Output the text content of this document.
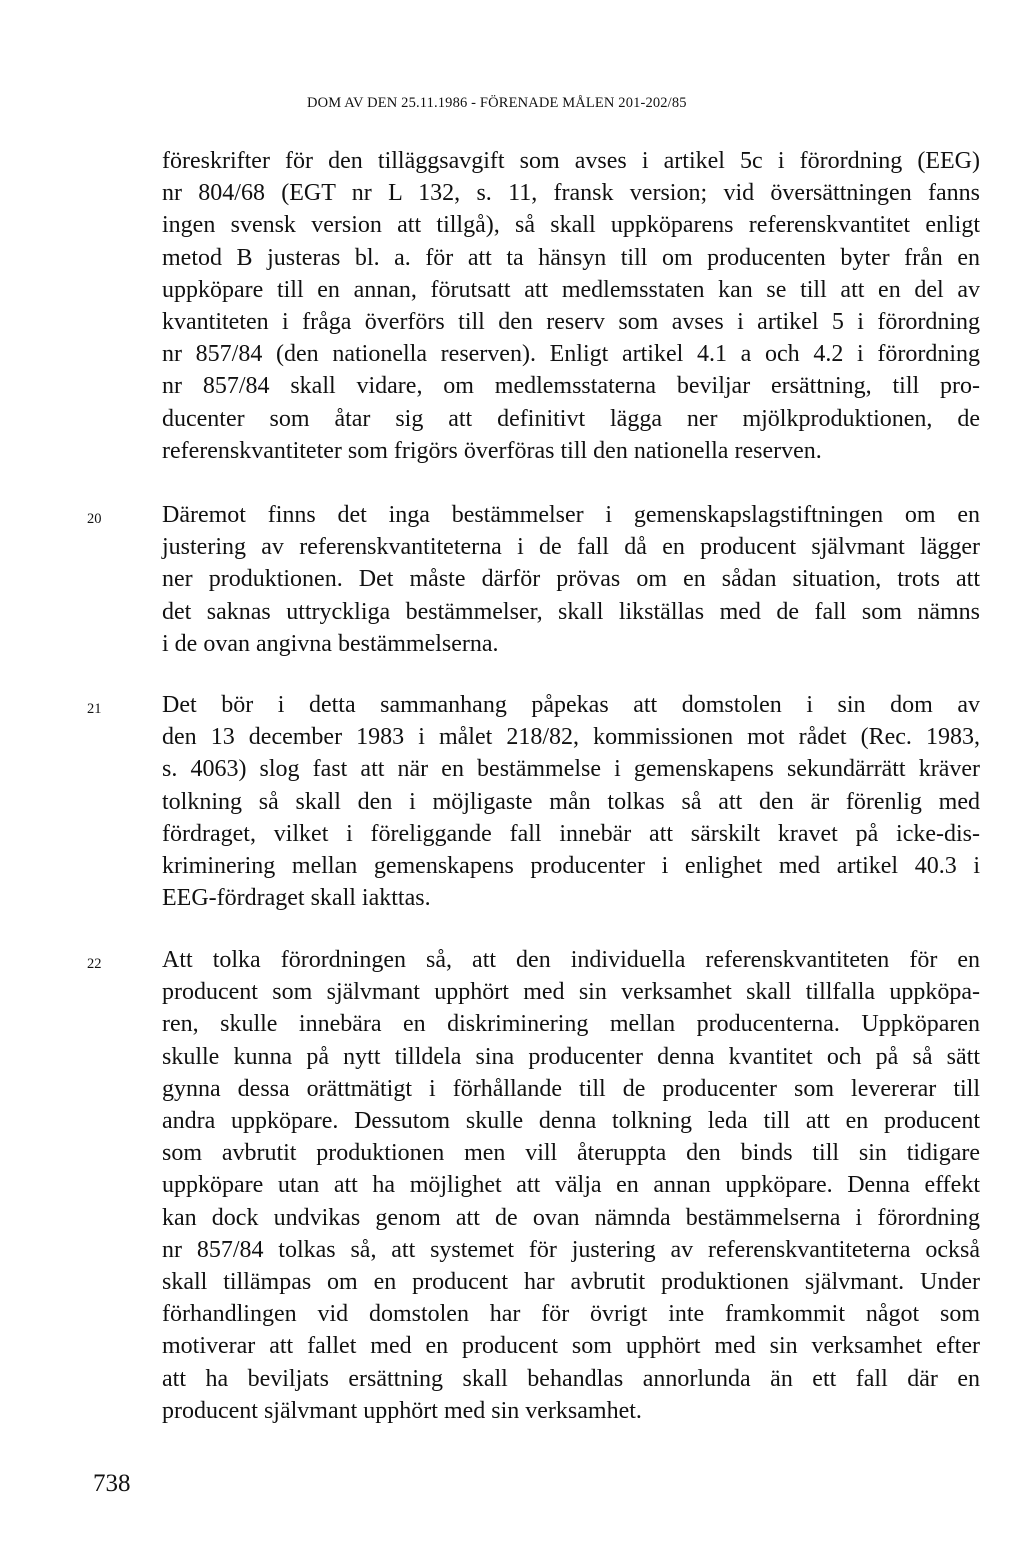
DOM AV DEN 25.11.1986 - FÖRENADE MÅLEN 201-202/85
föreskrifter för den tilläggsavgift som avses i artikel 5c i förordning (EEG)
nr 804/68 (EGT nr L 132, s. 11, fransk version; vid översättningen fanns
ingen svensk version att tillgå), så skall uppköparens referenskvantitet enligt
metod B justeras bl. a. för att ta hänsyn till om producenten byter från en
uppköpare till en annan, förutsatt att medlemsstaten kan se till att en del av
kvantiteten i fråga överförs till den reserv som avses i artikel 5 i förordning
nr 857/84 (den nationella reserven). Enligt artikel 4.1 a och 4.2 i förordning
nr 857/84 skall vidare, om medlemsstaterna beviljar ersättning, till pro-
ducenter som åtar sig att definitivt lägga ner mjölkproduktionen, de
referenskvantiteter som frigörs överföras till den nationella reserven.
20	Däremot finns det inga bestämmelser i gemenskapslagstiftningen om en
justering av referenskvantiteterna i de fall då en producent självmant lägger
ner produktionen. Det måste därför prövas om en sådan situation, trots att
det saknas uttryckliga bestämmelser, skall likställas med de fall som nämns
i de ovan angivna bestämmelserna.
21	Det bör i detta sammanhang påpekas att domstolen i sin dom av
den 13 december 1983 i målet 218/82, kommissionen mot rådet (Rec. 1983,
s. 4063) slog fast att när en bestämmelse i gemenskapens sekundärrätt kräver
tolkning så skall den i möjligaste mån tolkas så att den är förenlig med
fördraget, vilket i föreliggande fall innebär att särskilt kravet på icke-dis-
kriminering mellan gemenskapens producenter i enlighet med artikel 40.3 i
EEG-fördraget skall iakttas.
22	Att tolka förordningen så, att den individuella referenskvantiteten för en
producent som självmant upphört med sin verksamhet skall tillfalla uppköpa-
ren, skulle innebära en diskriminering mellan producenterna. Uppköparen
skulle kunna på nytt tilldela sina producenter denna kvantitet och på så sätt
gynna dessa orättmätigt i förhållande till de producenter som levererar till
andra uppköpare. Dessutom skulle denna tolkning leda till att en producent
som avbrutit produktionen men vill återuppta den binds till sin tidigare
uppköpare utan att ha möjlighet att välja en annan uppköpare. Denna effekt
kan dock undvikas genom att de ovan nämnda bestämmelserna i förordning
nr 857/84 tolkas så, att systemet för justering av referenskvantiteterna också
skall tillämpas om en producent har avbrutit produktionen självmant. Under
förhandlingen vid domstolen har för övrigt inte framkommit något som
motiverar att fallet med en producent som upphört med sin verksamhet efter
att ha beviljats ersättning skall behandlas annorlunda än ett fall där en
producent självmant upphört med sin verksamhet.
738
